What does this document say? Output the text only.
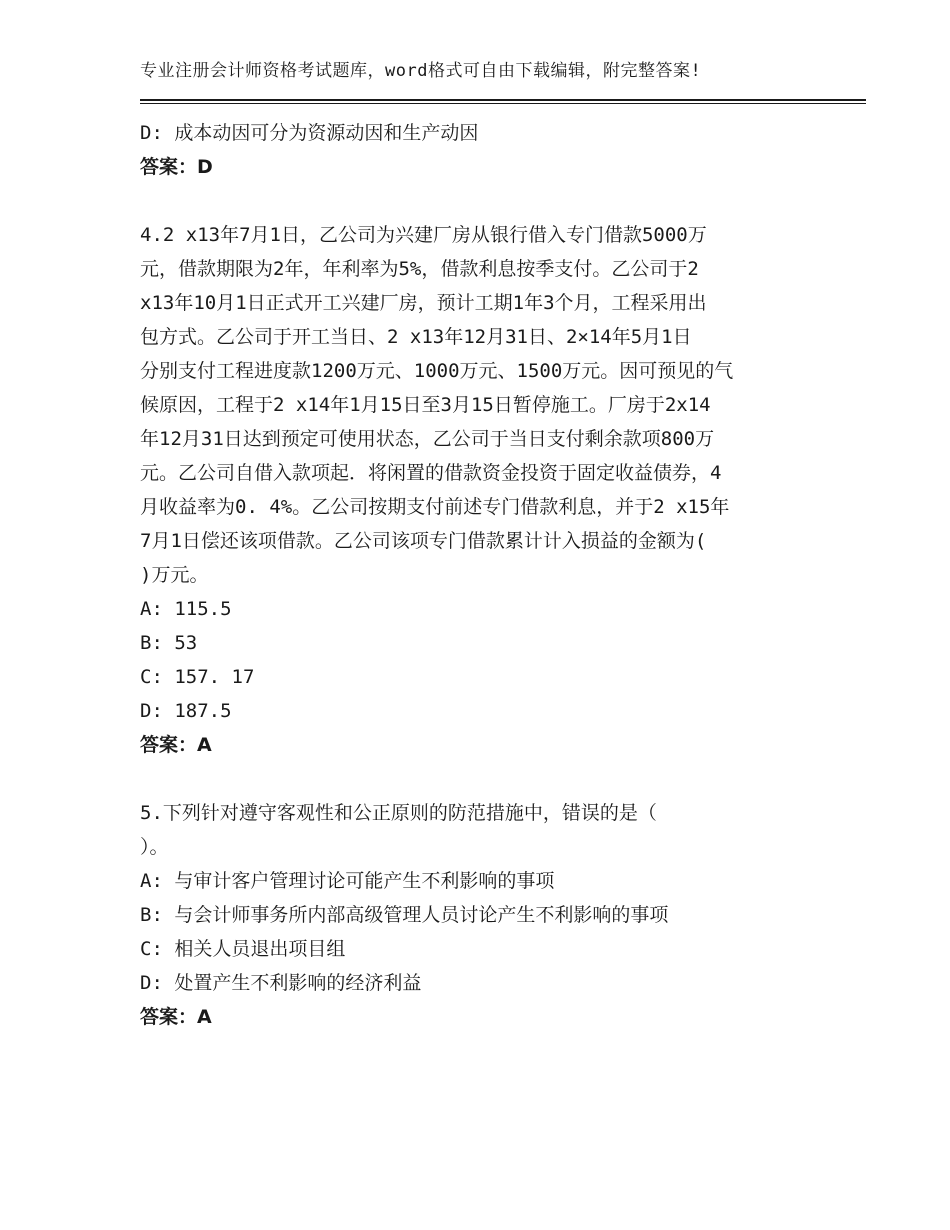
专业注册会计师资格考试题库，word格式可自由下载编辑，附完整答案!
D: 成本动因可分为资源动因和生产动因
答案：D
4.2 x13年7月1日，乙公司为兴建厂房从银行借入专门借款5000万
元，借款期限为2年，年利率为5%，借款利息按季支付。乙公司于2
x13年10月1日正式开工兴建厂房，预计工期1年3个月，工程采用出
包方式。乙公司于开工当日、2 x13年12月31日、2×14年5月1日
分别支付工程进度款1200万元、1000万元、1500万元。因可预见的气
候原因，工程于2 x14年1月15日至3月15日暂停施工。厂房于2x14
年12月31日达到预定可使用状态，乙公司于当日支付剩余款项800万
元。乙公司自借入款项起．将闲置的借款资金投资于固定收益债券，4
月收益率为0. 4%。乙公司按期支付前述专门借款利息，并于2 x15年
7月1日偿还该项借款。乙公司该项专门借款累计计入损益的金额为(
)万元。
A: 115.5
B: 53
C: 157. 17
D: 187.5
答案：A
5.下列针对遵守客观性和公正原则的防范措施中，错误的是（
）。
A: 与审计客户管理讨论可能产生不利影响的事项
B: 与会计师事务所内部高级管理人员讨论产生不利影响的事项
C: 相关人员退出项目组
D: 处置产生不利影响的经济利益
答案：A
